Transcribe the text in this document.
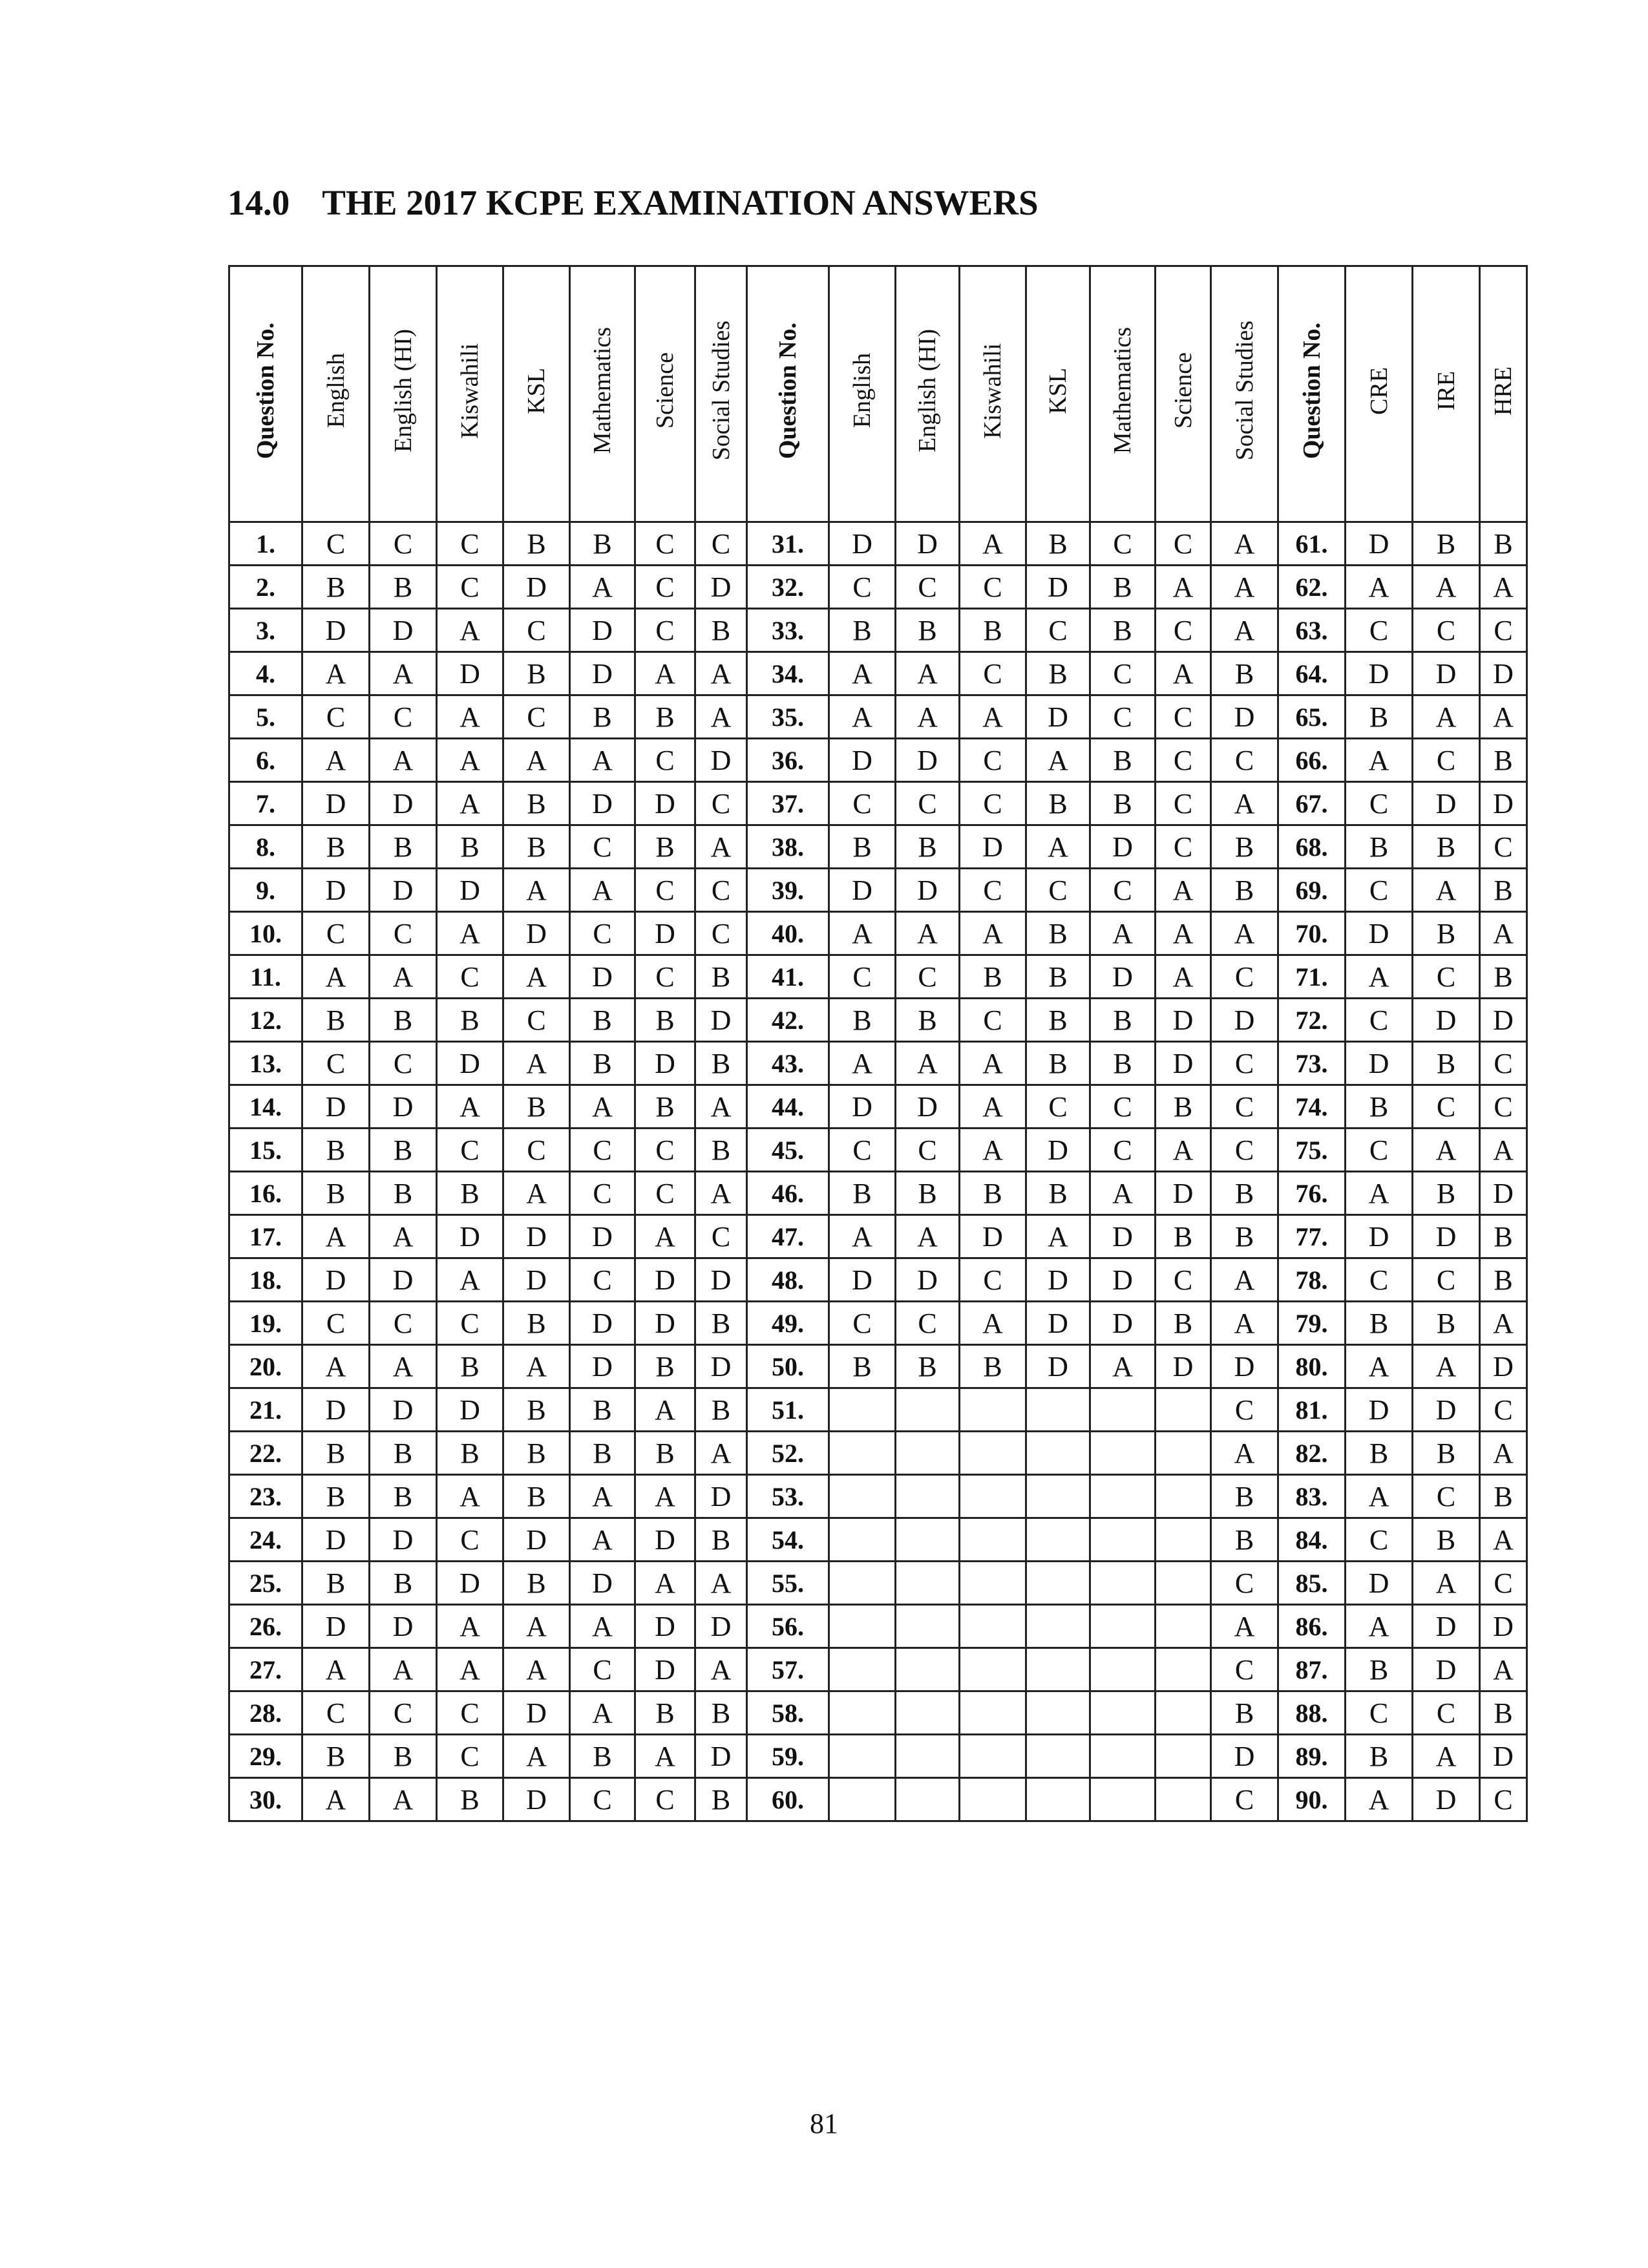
14.0 THE 2017 KCPE EXAMINATION ANSWERS
Question No.	English	English (HI)	Kiswahili	KSL	Mathematics	Science	Social Studies	Question No.	English	English (HI)	Kiswahili	KSL	Mathematics	Science	Social Studies	Question No.	CRE	IRE	HRE
1.	C	C	C	B	B	C	C	31.	D	D	A	B	C	C	A	61.	D	B	B
2.	B	B	C	D	A	C	D	32.	C	C	C	D	B	A	A	62.	A	A	A
3.	D	D	A	C	D	C	B	33.	B	B	B	C	B	C	A	63.	C	C	C
4.	A	A	D	B	D	A	A	34.	A	A	C	B	C	A	B	64.	D	D	D
5.	C	C	A	C	B	B	A	35.	A	A	A	D	C	C	D	65.	B	A	A
6.	A	A	A	A	A	C	D	36.	D	D	C	A	B	C	C	66.	A	C	B
7.	D	D	A	B	D	D	C	37.	C	C	C	B	B	C	A	67.	C	D	D
8.	B	B	B	B	C	B	A	38.	B	B	D	A	D	C	B	68.	B	B	C
9.	D	D	D	A	A	C	C	39.	D	D	C	C	C	A	B	69.	C	A	B
10.	C	C	A	D	C	D	C	40.	A	A	A	B	A	A	A	70.	D	B	A
11.	A	A	C	A	D	C	B	41.	C	C	B	B	D	A	C	71.	A	C	B
12.	B	B	B	C	B	B	D	42.	B	B	C	B	B	D	D	72.	C	D	D
13.	C	C	D	A	B	D	B	43.	A	A	A	B	B	D	C	73.	D	B	C
14.	D	D	A	B	A	B	A	44.	D	D	A	C	C	B	C	74.	B	C	C
15.	B	B	C	C	C	C	B	45.	C	C	A	D	C	A	C	75.	C	A	A
16.	B	B	B	A	C	C	A	46.	B	B	B	B	A	D	B	76.	A	B	D
17.	A	A	D	D	D	A	C	47.	A	A	D	A	D	B	B	77.	D	D	B
18.	D	D	A	D	C	D	D	48.	D	D	C	D	D	C	A	78.	C	C	B
19.	C	C	C	B	D	D	B	49.	C	C	A	D	D	B	A	79.	B	B	A
20.	A	A	B	A	D	B	D	50.	B	B	B	D	A	D	D	80.	A	A	D
21.	D	D	D	B	B	A	B	51.							C	81.	D	D	C
22.	B	B	B	B	B	B	A	52.							A	82.	B	B	A
23.	B	B	A	B	A	A	D	53.							B	83.	A	C	B
24.	D	D	C	D	A	D	B	54.							B	84.	C	B	A
25.	B	B	D	B	D	A	A	55.							C	85.	D	A	C
26.	D	D	A	A	A	D	D	56.							A	86.	A	D	D
27.	A	A	A	A	C	D	A	57.							C	87.	B	D	A
28.	C	C	C	D	A	B	B	58.							B	88.	C	C	B
29.	B	B	C	A	B	A	D	59.							D	89.	B	A	D
30.	A	A	B	D	C	C	B	60.							C	90.	A	D	C
81
